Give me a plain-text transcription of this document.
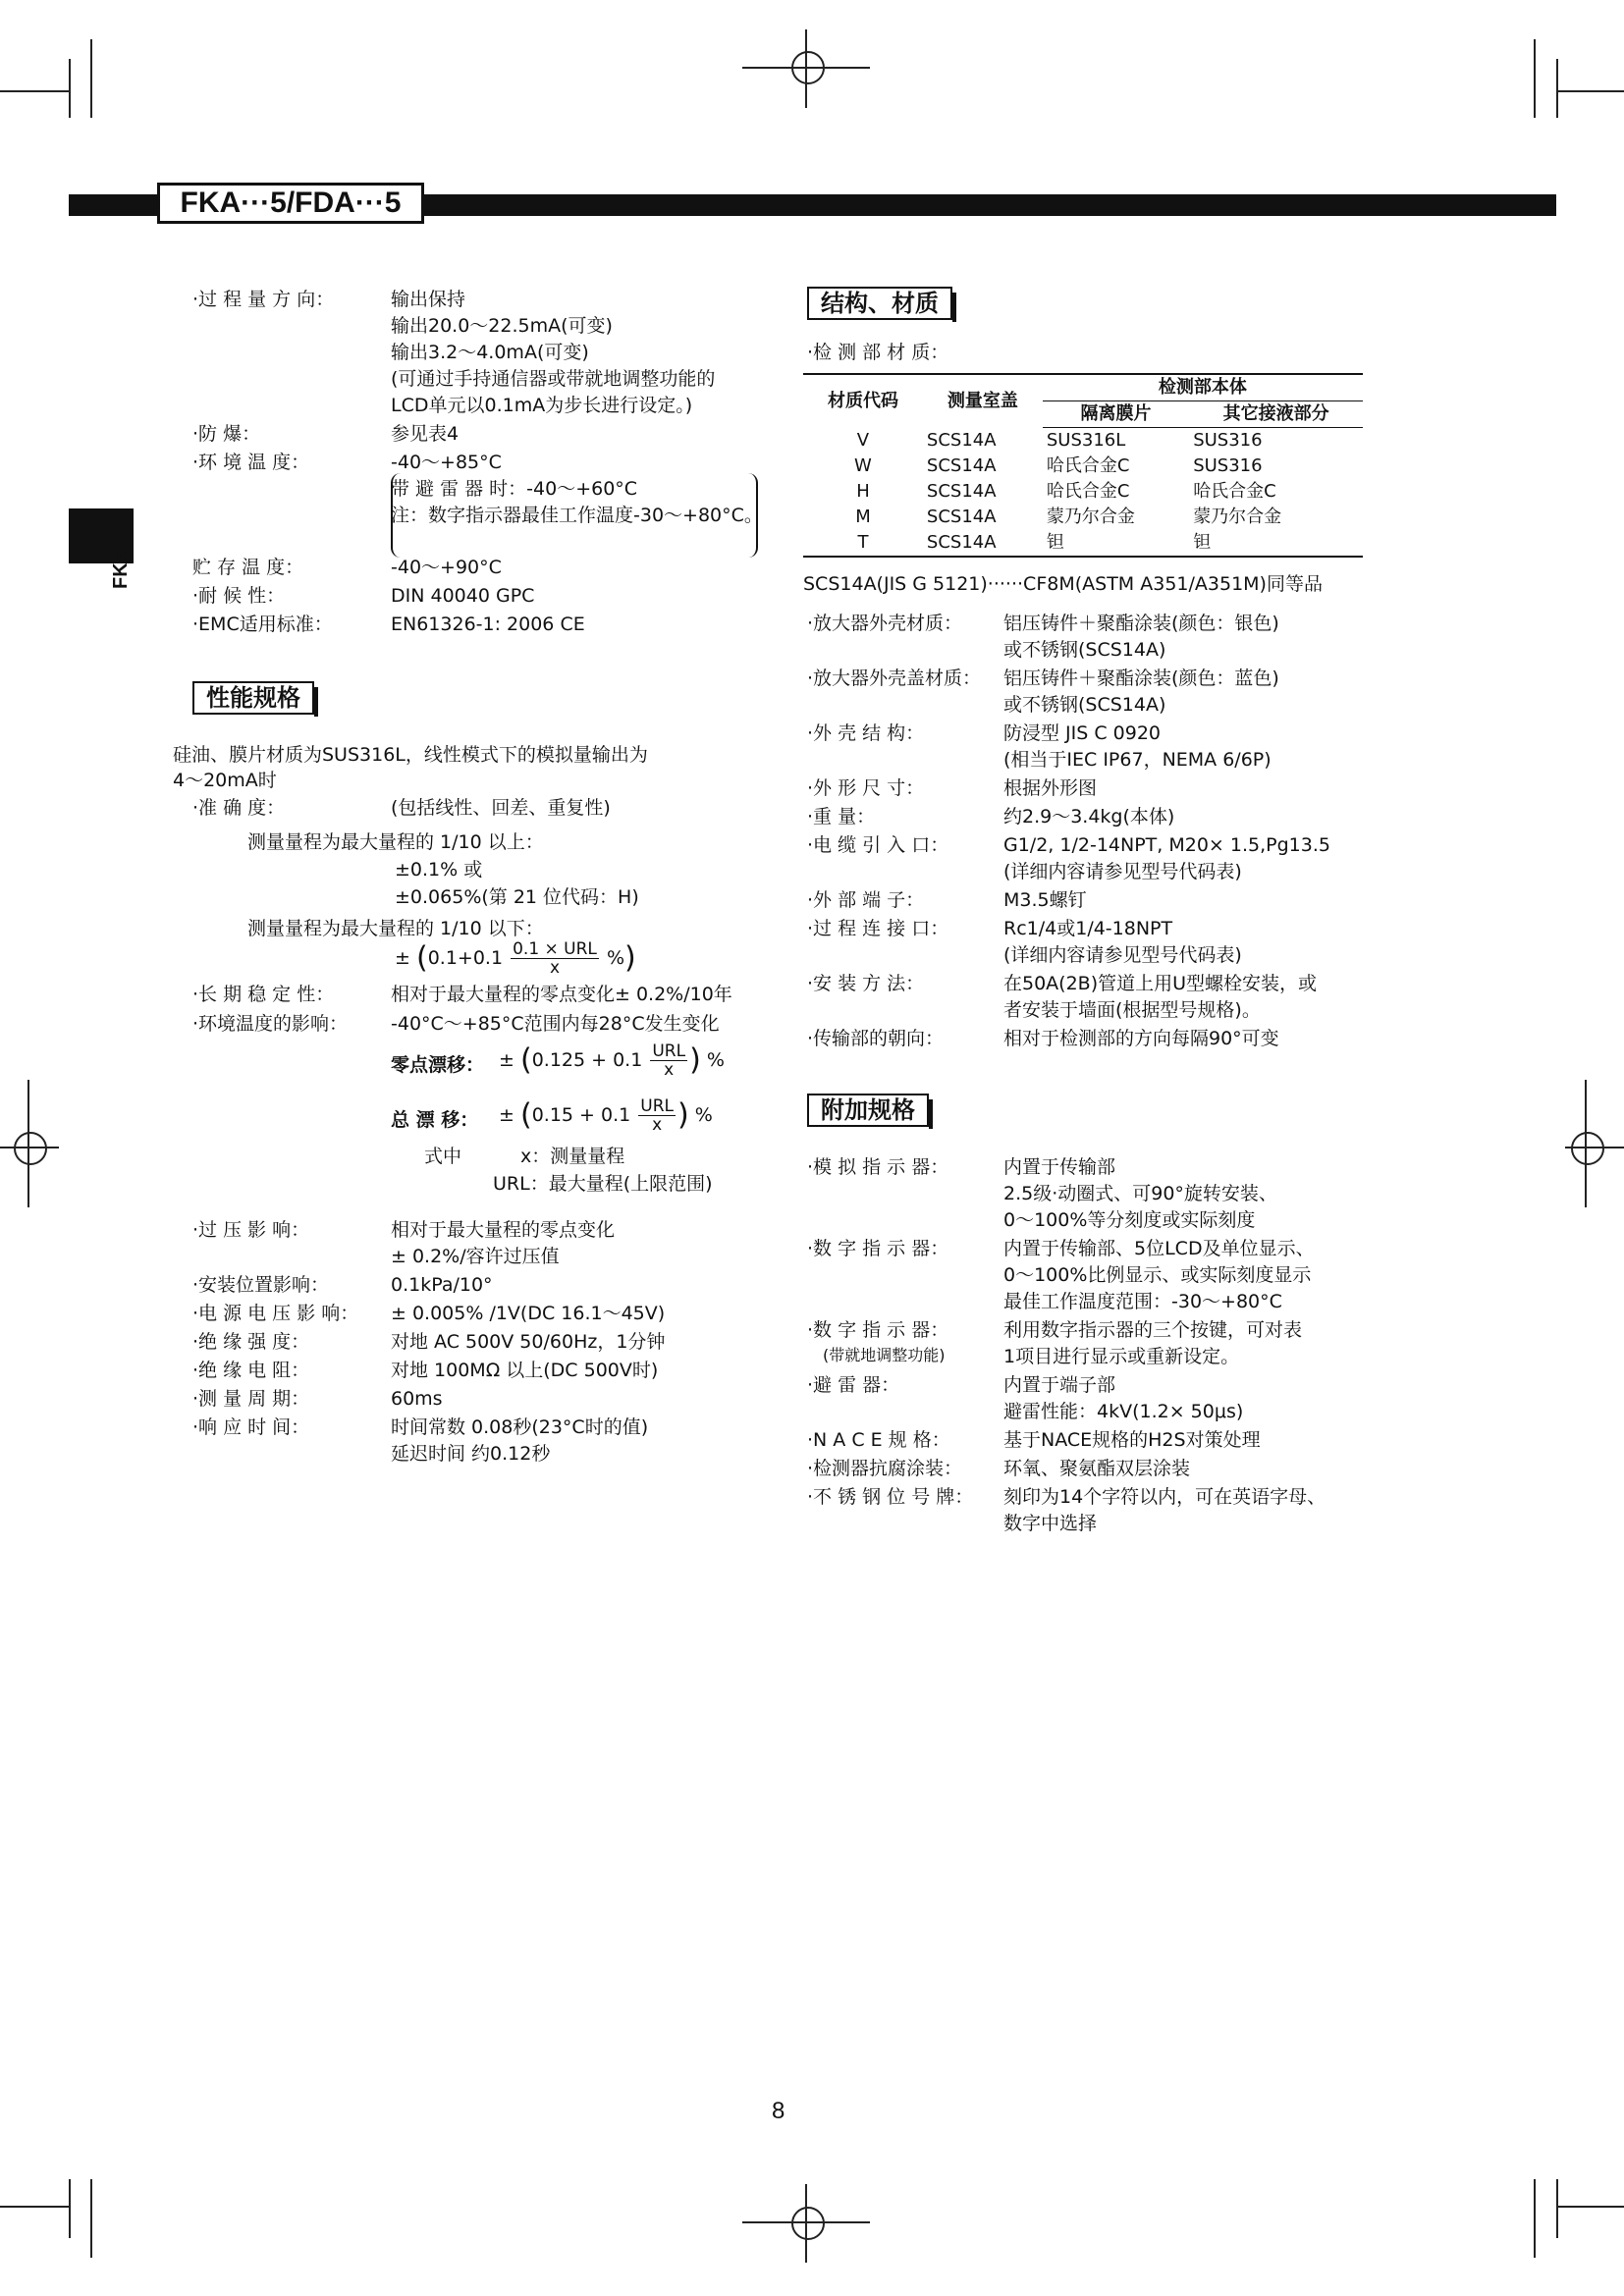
FKA···5/FDA···5
FKA
·过 程 量 方 向：	输出保持
输出20.0～22.5mA(可变)
输出3.2～4.0mA(可变)
(可通过手持通信器或带就地调整功能的
LCD单元以0.1mA为步长进行设定。)
·防 爆：	参见表4
·环 境 温 度：	-40～+85°C
带 避 雷 器 时：-40～+60°C
注：数字指示器最佳工作温度-30～+80°C。
贮 存 温 度：	-40～+90°C
·耐 候 性：	DIN 40040 GPC
·EMC适用标准：	EN61326-1: 2006 CE
性能规格
硅油、膜片材质为SUS316L，线性模式下的模拟量输出为
4～20mA时
·准 确 度：	(包括线性、回差、重复性)
测量量程为最大量程的 1/10 以上：
±0.1% 或
±0.065%(第 21 位代码：H)
测量量程为最大量程的 1/10 以下：
± ($0.1+0.1 \frac{\text{0.1 × URL}}{x}$ %)
·长 期 稳 定 性：	相对于最大量程的零点变化± 0.2%/10年
·环境温度的影响： -40°C～+85°C范围内每28°C发生变化
零点漂移： ± ($0.125 + 0.1 \frac{\text{URL}}{x}$ ) %
总 漂 移： ± ($0.15 + 0.1 \frac{\text{URL}}{x}$ ) %
式中	x：测量量程
URL：最大量程(上限范围)
·过 压 影 响：	相对于最大量程的零点变化
± 0.2%/容许过压值
·安装位置影响：	0.1kPa/10°
·电 源 电 压 影 响： ± 0.005% /1V(DC 16.1～45V)
·绝 缘 强 度：	对地 AC 500V 50/60Hz，1分钟
·绝 缘 电 阻：	对地 100MΩ 以上(DC 500V时)
·测 量 周 期：	60ms
·响 应 时 间：	时间常数 0.08秒(23°C时的值)
延迟时间 约0.12秒
结构、材质
·检 测 部 材 质：
材质代码	测量室盖	检测部本体	
		隔离膜片	其它接液部分
V	SCS14A	SUS316L	SUS316
W	SCS14A	哈氏合金C	SUS316
H	SCS14A	哈氏合金C	哈氏合金C
M	SCS14A	蒙乃尔合金	蒙乃尔合金
T	SCS14A	钽	钽
SCS14A(JIS G 5121)······CF8M(ASTM A351/A351M)同等品
·放大器外壳材质： 铝压铸件＋聚酯涂装(颜色：银色)
或不锈钢(SCS14A)
·放大器外壳盖材质： 铝压铸件＋聚酯涂装(颜色：蓝色)
或不锈钢(SCS14A)
·外 壳 结 构：	防浸型 JIS C 0920
(相当于IEC IP67，NEMA 6/6P)
·外 形 尺 寸：	根据外形图
·重 量：	约2.9～3.4kg(本体)
·电 缆 引 入 口：	G1/2, 1/2-14NPT, M20× 1.5,Pg13.5
(详细内容请参见型号代码表)
·外 部 端 子：	M3.5螺钉
·过 程 连 接 口：	Rc1/4或1/4-18NPT
(详细内容请参见型号代码表)
·安 装 方 法：	在50A(2B)管道上用U型螺栓安装，或
者安装于墙面(根据型号规格)。
·传输部的朝向：	相对于检测部的方向每隔90°可变
附加规格
·模 拟 指 示 器：	内置于传输部
2.5级·动圈式、可90°旋转安装、
0～100%等分刻度或实际刻度
·数 字 指 示 器：	内置于传输部、5位LCD及单位显示、
0～100%比例显示、或实际刻度显示
最佳工作温度范围：-30～+80°C
·数 字 指 示 器：
(带就地调整功能)
利用数字指示器的三个按键，可对表
1项目进行显示或重新设定。
·避 雷 器：	内置于端子部
避雷性能：4kV(1.2× 50μs)
·N A C E 规 格：	基于NACE规格的H2S对策处理
·检测器抗腐涂装： 环氧、聚氨酯双层涂装
·不 锈 钢 位 号 牌： 刻印为14个字符以内，可在英语字母、
数字中选择
8
